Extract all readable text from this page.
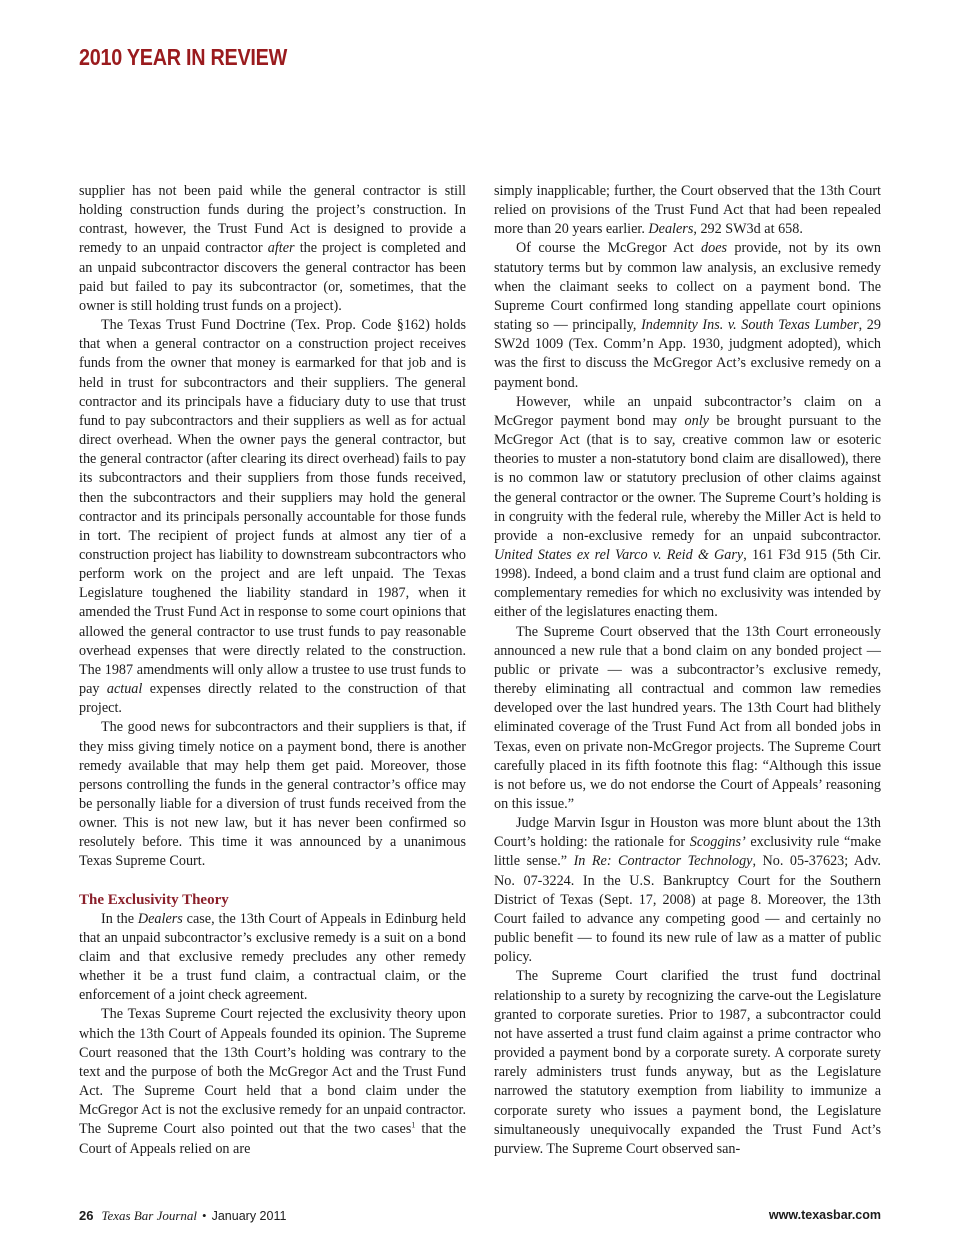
2010 YEAR IN REVIEW

supplier has not been paid while the general contractor is still holding construction funds during the project’s construction. In contrast, however, the Trust Fund Act is designed to provide a remedy to an unpaid contractor after the project is completed and an unpaid subcontractor discovers the general contractor has been paid but failed to pay its subcontractor (or, sometimes, that the owner is still holding trust funds on a project).

The Texas Trust Fund Doctrine (Tex. Prop. Code §162) holds that when a general contractor on a construction project receives funds from the owner that money is earmarked for that job and is held in trust for subcontractors and their suppliers. The general contractor and its principals have a fiduciary duty to use that trust fund to pay subcontractors and their suppliers as well as for actual direct overhead. When the owner pays the general contractor, but the general contractor (after clearing its direct overhead) fails to pay its subcontractors and their suppliers from those funds received, then the subcontractors and their suppliers may hold the general contractor and its principals personally accountable for those funds in tort. The recipient of project funds at almost any tier of a construction project has liability to downstream subcontractors who perform work on the project and are left unpaid. The Texas Legislature toughened the liability standard in 1987, when it amended the Trust Fund Act in response to some court opinions that allowed the general contractor to use trust funds to pay reasonable overhead expenses that were directly related to the construction. The 1987 amendments will only allow a trustee to use trust funds to pay actual expenses directly related to the construction of that project.

The good news for subcontractors and their suppliers is that, if they miss giving timely notice on a payment bond, there is another remedy available that may help them get paid. Moreover, those persons controlling the funds in the general contractor’s office may be personally liable for a diversion of trust funds received from the owner. This is not new law, but it has never been confirmed so resolutely before. This time it was announced by a unanimous Texas Supreme Court.

The Exclusivity Theory

In the Dealers case, the 13th Court of Appeals in Edinburg held that an unpaid subcontractor’s exclusive remedy is a suit on a bond claim and that exclusive remedy precludes any other remedy whether it be a trust fund claim, a contractual claim, or the enforcement of a joint check agreement.

The Texas Supreme Court rejected the exclusivity theory upon which the 13th Court of Appeals founded its opinion. The Supreme Court reasoned that the 13th Court’s holding was contrary to the text and the purpose of both the McGregor Act and the Trust Fund Act. The Supreme Court held that a bond claim under the McGregor Act is not the exclusive remedy for an unpaid contractor. The Supreme Court also pointed out that the two cases$^1$ that the Court of Appeals relied on are

simply inapplicable; further, the Court observed that the 13th Court relied on provisions of the Trust Fund Act that had been repealed more than 20 years earlier. Dealers, 292 SW3d at 658.

Of course the McGregor Act does provide, not by its own statutory terms but by common law analysis, an exclusive remedy when the claimant seeks to collect on a payment bond. The Supreme Court confirmed long standing appellate court opinions stating so — principally, Indemnity Ins. v. South Texas Lumber, 29 SW2d 1009 (Tex. Comm’n App. 1930, judgment adopted), which was the first to discuss the McGregor Act’s exclusive remedy on a payment bond.

However, while an unpaid subcontractor’s claim on a McGregor payment bond may only be brought pursuant to the McGregor Act (that is to say, creative common law or esoteric theories to muster a non-statutory bond claim are disallowed), there is no common law or statutory preclusion of other claims against the general contractor or the owner. The Supreme Court’s holding is in congruity with the federal rule, whereby the Miller Act is held to provide a non-exclusive remedy for an unpaid subcontractor. United States ex rel Varco v. Reid & Gary, 161 F3d 915 (5th Cir. 1998). Indeed, a bond claim and a trust fund claim are optional and complementary remedies for which no exclusivity was intended by either of the legislatures enacting them.

The Supreme Court observed that the 13th Court erroneously announced a new rule that a bond claim on any bonded project — public or private — was a subcontractor’s exclusive remedy, thereby eliminating all contractual and common law remedies developed over the last hundred years. The 13th Court had blithely eliminated coverage of the Trust Fund Act from all bonded jobs in Texas, even on private non-McGregor projects. The Supreme Court carefully placed in its fifth footnote this flag: “Although this issue is not before us, we do not endorse the Court of Appeals’ reasoning on this issue.”

Judge Marvin Isgur in Houston was more blunt about the 13th Court’s holding: the rationale for Scoggins’ exclusivity rule “make little sense.” In Re: Contractor Technology, No. 05-37623; Adv. No. 07-3224. In the U.S. Bankruptcy Court for the Southern District of Texas (Sept. 17, 2008) at page 8. Moreover, the 13th Court failed to advance any competing good — and certainly no public benefit — to found its new rule of law as a matter of public policy.

The Supreme Court clarified the trust fund doctrinal relationship to a surety by recognizing the carve-out the Legislature granted to corporate sureties. Prior to 1987, a subcontractor could not have asserted a trust fund claim against a prime contractor who provided a payment bond by a corporate surety. A corporate surety rarely administers trust funds anyway, but as the Legislature narrowed the statutory exemption from liability to immunize a corporate surety who issues a payment bond, the Legislature simultaneously unequivocally expanded the Trust Fund Act’s purview. The Supreme Court observed san-

26 Texas Bar Journal • January 2011	www.texasbar.com
